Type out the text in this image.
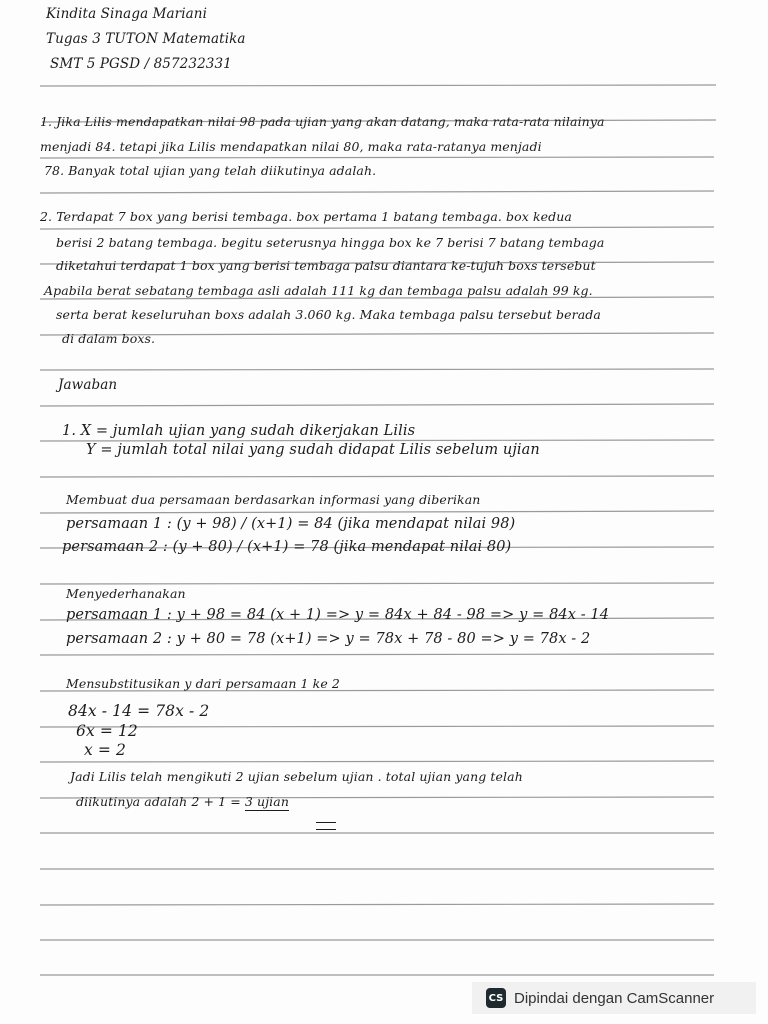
Kindita Sinaga Mariani
Tugas 3 TUTON Matematika
SMT 5 PGSD / 857232331
1. Jika Lilis mendapatkan nilai 98 pada ujian yang akan datang, maka rata-rata nilainya
menjadi 84. tetapi jika Lilis mendapatkan nilai 80, maka rata-ratanya menjadi
78. Banyak total ujian yang telah diikutinya adalah.
2. Terdapat 7 box yang berisi tembaga. box pertama 1 batang tembaga. box kedua
berisi 2 batang tembaga. begitu seterusnya hingga box ke 7 berisi 7 batang tembaga
diketahui terdapat 1 box yang berisi tembaga palsu diantara ke-tujuh boxs tersebut
Apabila berat sebatang tembaga asli adalah 111 kg dan tembaga palsu adalah 99 kg.
serta berat keseluruhan boxs adalah 3.060 kg. Maka tembaga palsu tersebut berada
di dalam boxs.
Jawaban
1. X = jumlah ujian yang sudah dikerjakan Lilis
Y = jumlah total nilai yang sudah didapat Lilis sebelum ujian
Membuat dua persamaan berdasarkan informasi yang diberikan
persamaan 1 : (y + 98) / (x+1) = 84 (jika mendapat nilai 98)
persamaan 2 : (y + 80) / (x+1) = 78 (jika mendapat nilai 80)
Menyederhanakan
persamaan 1 : y + 98 = 84 (x + 1) => y = 84x + 84 - 98 => y = 84x - 14
persamaan 2 : y + 80 = 78 (x+1) => y = 78x + 78 - 80 => y = 78x - 2
Mensubstitusikan y dari persamaan 1 ke 2
84x - 14 = 78x - 2
6x = 12
x = 2
Jadi Lilis telah mengikuti 2 ujian sebelum ujian . total ujian yang telah
diikutinya adalah 2 + 1 = 3 ujian
CS Dipindai dengan CamScanner
